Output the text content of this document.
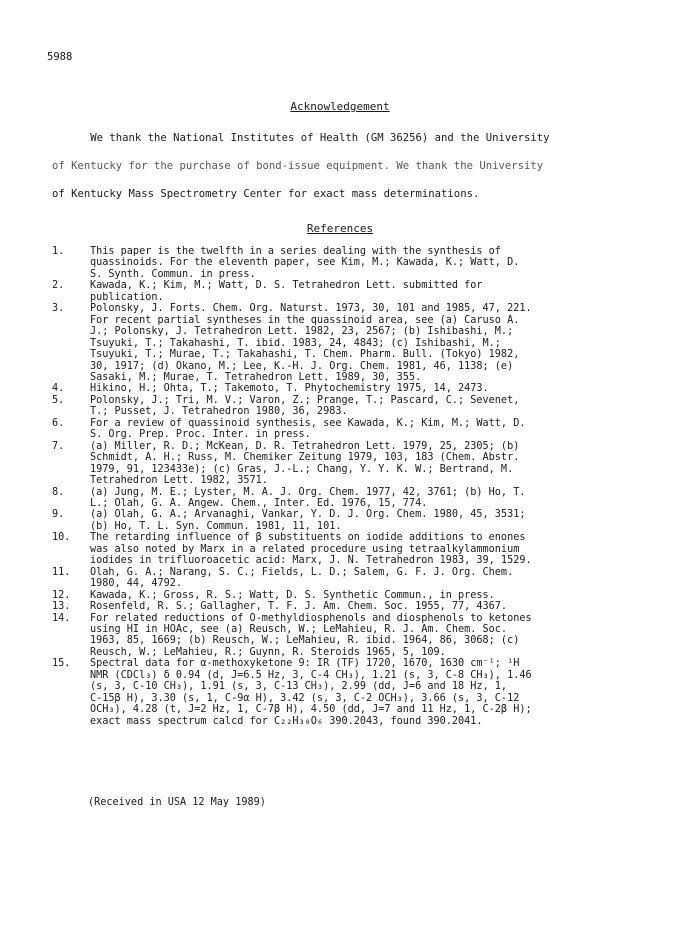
5988
Acknowledgement
We thank the National Institutes of Health (GM 36256) and the University
of Kentucky for the purchase of bond-issue equipment. We thank the University
of Kentucky Mass Spectrometry Center for exact mass determinations.
References
1.	This paper is the twelfth in a series dealing with the synthesis of
quassinoids. For the eleventh paper, see Kim, M.; Kawada, K.; Watt, D.
S. Synth. Commun. in press.
2.	Kawada, K.; Kim, M.; Watt, D. S. Tetrahedron Lett. submitted for
publication.
3.	Polonsky, J. Forts. Chem. Org. Naturst. 1973, 30, 101 and 1985, 47, 221.
For recent partial syntheses in the quassinoid area, see (a) Caruso A.
J.; Polonsky, J. Tetrahedron Lett. 1982, 23, 2567; (b) Ishibashi, M.;
Tsuyuki, T.; Takahashi, T. ibid. 1983, 24, 4843; (c) Ishibashi, M.;
Tsuyuki, T.; Murae, T.; Takahashi, T. Chem. Pharm. Bull. (Tokyo) 1982,
30, 1917; (d) Okano, M.; Lee, K.-H. J. Org. Chem. 1981, 46, 1138; (e)
Sasaki, M.; Murae, T. Tetrahedron Lett. 1989, 30, 355.
4.	Hikino, H.; Ohta, T.; Takemoto, T. Phytochemistry 1975, 14, 2473.
5.	Polonsky, J.; Tri, M. V.; Varon, Z.; Prange, T.; Pascard, C.; Sevenet,
T.; Pusset, J. Tetrahedron 1980, 36, 2983.
6.	For a review of quassinoid synthesis, see Kawada, K.; Kim, M.; Watt, D.
S. Org. Prep. Proc. Inter. in press.
7.	(a) Miller, R. D.; McKean, D. R. Tetrahedron Lett. 1979, 25, 2305; (b)
Schmidt, A. H.; Russ, M. Chemiker Zeitung 1979, 103, 183 (Chem. Abstr.
1979, 91, 123433e); (c) Gras, J.-L.; Chang, Y. Y. K. W.; Bertrand, M.
Tetrahedron Lett. 1982, 3571.
8.	(a) Jung, M. E.; Lyster, M. A. J. Org. Chem. 1977, 42, 3761; (b) Ho, T.
L.; Olah, G. A. Angew. Chem., Inter. Ed. 1976, 15, 774.
9.	(a) Olah, G. A.; Arvanaghi, Vankar, Y. D. J. Org. Chem. 1980, 45, 3531;
(b) Ho, T. L. Syn. Commun. 1981, 11, 101.
10.	The retarding influence of β substituents on iodide additions to enones
was also noted by Marx in a related procedure using tetraalkylammonium
iodides in trifluoroacetic acid: Marx, J. N. Tetrahedron 1983, 39, 1529.
11.	Olah, G. A.; Narang, S. C.; Fields, L. D.; Salem, G. F. J. Org. Chem.
1980, 44, 4792.
12.	Kawada, K.; Gross, R. S.; Watt, D. S. Synthetic Commun., in press.
13.	Rosenfeld, R. S.; Gallagher, T. F. J. Am. Chem. Soc. 1955, 77, 4367.
14.	For related reductions of O-methyldiosphenols and diosphenols to ketones
using HI in HOAc, see (a) Reusch, W.; LeMahieu, R. J. Am. Chem. Soc.
1963, 85, 1669; (b) Reusch, W.; LeMahieu, R. ibid. 1964, 86, 3068; (c)
Reusch, W.; LeMahieu, R.; Guynn, R. Steroids 1965, 5, 109.
15.	Spectral data for α-methoxyketone 9: IR (TF) 1720, 1670, 1630 cm⁻¹; ¹H
NMR (CDCl₃) δ 0.94 (d, J=6.5 Hz, 3, C-4 CH₃), 1.21 (s, 3, C-8 CH₃), 1.46
(s, 3, C-10 CH₃), 1.91 (s, 3, C-13 CH₃), 2.99 (dd, J=6 and 18 Hz, 1,
C-15β H), 3.30 (s, 1, C-9α H), 3.42 (s, 3, C-2 OCH₃), 3.66 (s, 3, C-12
OCH₃), 4.28 (t, J=2 Hz, 1, C-7β H), 4.50 (dd, J=7 and 11 Hz, 1, C-2β H);
exact mass spectrum calcd for C₂₂H₃₀O₆ 390.2043, found 390.2041.
(Received in USA 12 May 1989)
